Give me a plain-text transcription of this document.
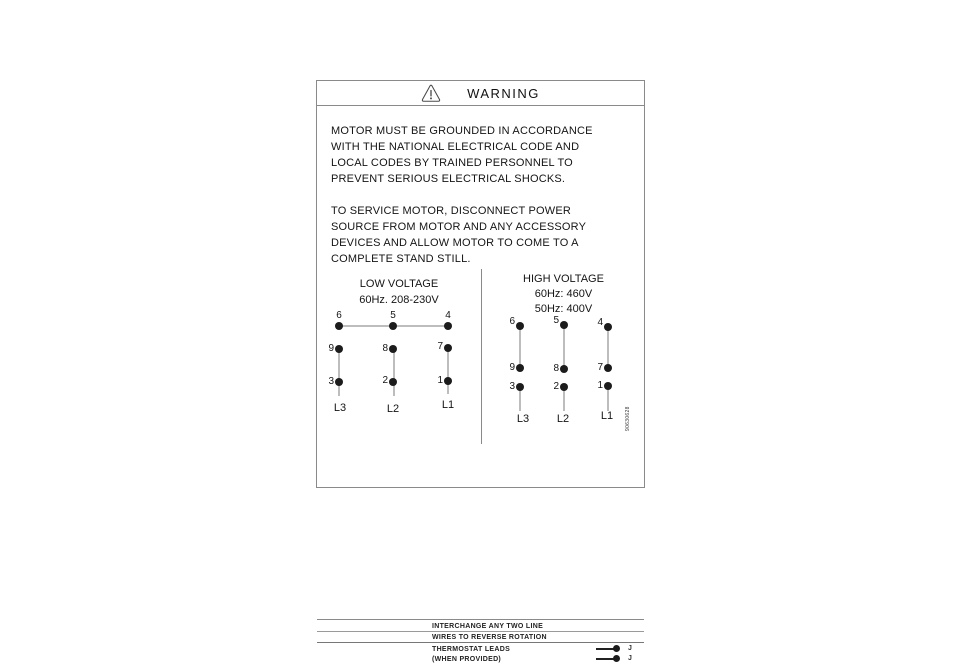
WARNING
MOTOR MUST BE GROUNDED IN ACCORDANCE
WITH THE NATIONAL ELECTRICAL CODE AND
LOCAL CODES BY TRAINED PERSONNEL TO
PREVENT SERIOUS ELECTRICAL SHOCKS.
TO SERVICE MOTOR, DISCONNECT POWER
SOURCE FROM MOTOR AND ANY ACCESSORY
DEVICES AND ALLOW MOTOR TO COME TO A
COMPLETE STAND STILL.
LOW VOLTAGE
60Hz. 208-230V
6	5	4
9	8	7
3	2	1
L3	L2	L1
HIGH VOLTAGE
60Hz: 460V
50Hz: 400V
6	5	4
9	8	7
3	2	1
L3	L2	L1	90630628
INTERCHANGE ANY TWO LINE
WIRES TO REVERSE ROTATION
THERMOSTAT LEADS
(WHEN PROVIDED)
J
J
